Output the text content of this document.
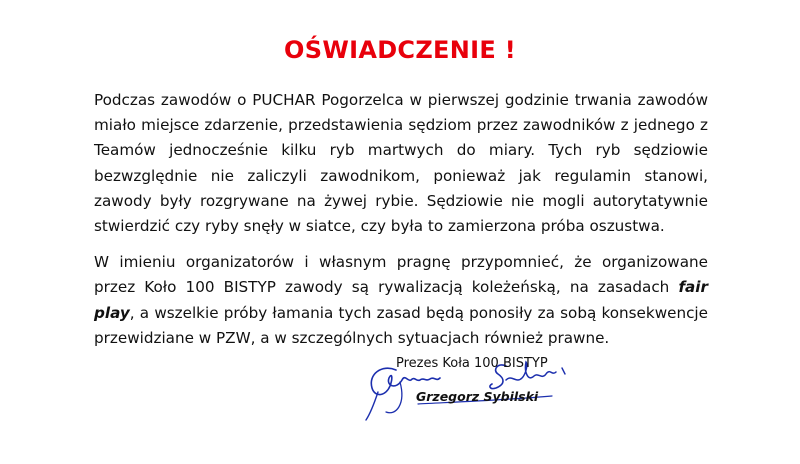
OŚWIADCZENIE !

Podczas zawodów o PUCHAR Pogorzelca w pierwszej godzinie trwania zawodów miało miejsce zdarzenie, przedstawienia sędziom przez zawodników z jednego z Teamów jednocześnie kilku ryb martwych do miary. Tych ryb sędziowie bezwzględnie nie zaliczyli zawodnikom, ponieważ jak regulamin stanowi, zawody były rozgrywane na żywej rybie. Sędziowie nie mogli autorytatywnie stwierdzić czy ryby snęły w siatce, czy była to zamierzona próba oszustwa.

W imieniu organizatorów i własnym pragnę przypomnieć, że organizowane przez Koło 100 BISTYP zawody są rywalizacją koleżeńską, na zasadach fair play, a wszelkie próby łamania tych zasad będą ponosiły za sobą konsekwencje przewidziane w PZW, a w szczególnych sytuacjach również prawne.

Prezes Koła 100 BISTYP
Grzegorz Sybilski
